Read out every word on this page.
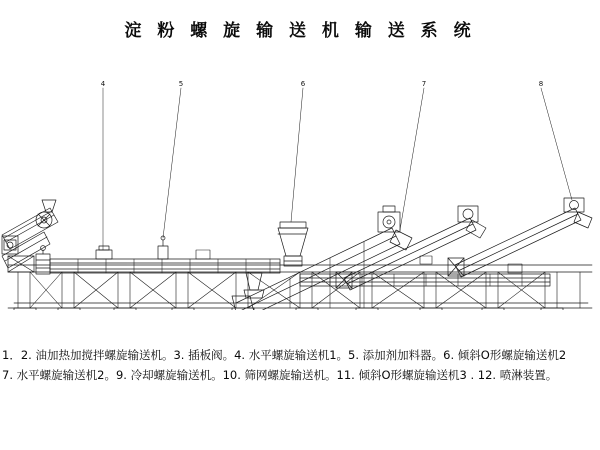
淀 粉 螺 旋 输 送 机 输 送 系 统
4	5	6	7	8
1．2. 油加热加搅拌螺旋输送机。3. 插板阀。4. 水平螺旋输送机1。5. 添加剂加料器。6. 倾斜O形螺旋输送机2
7. 水平螺旋输送机2。9. 冷却螺旋输送机。10. 筛网螺旋输送机。11. 倾斜O形螺旋输送机3 . 12. 喷淋装置。
